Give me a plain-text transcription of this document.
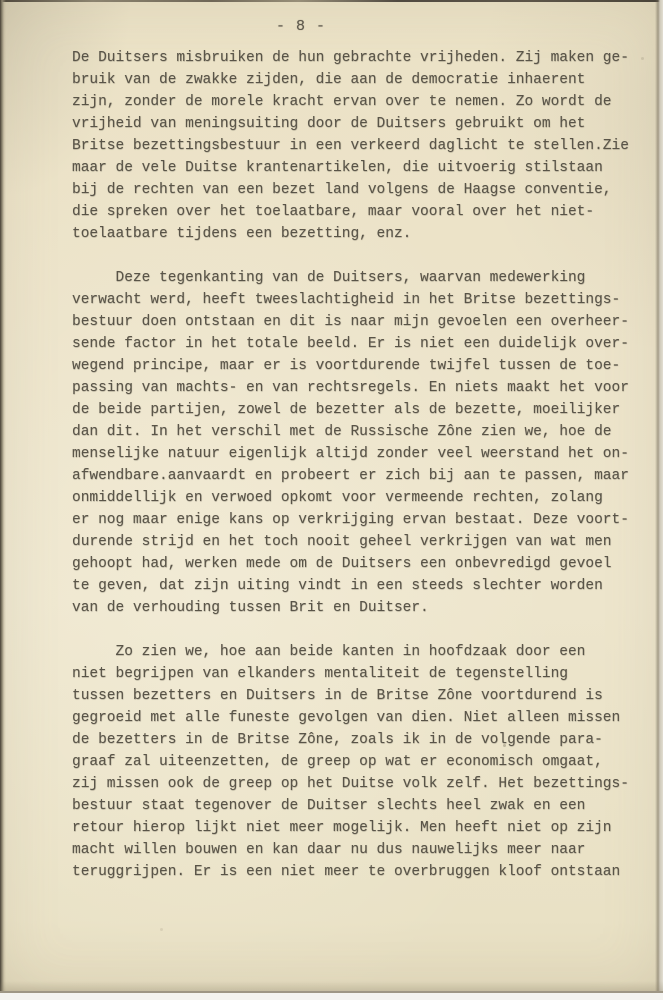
- 8 -
De Duitsers misbruiken de hun gebrachte vrijheden. Zij maken ge-
bruik van de zwakke zijden, die aan de democratie inhaerent
zijn, zonder de morele kracht ervan over te nemen. Zo wordt de
vrijheid van meningsuiting door de Duitsers gebruikt om het
Britse bezettingsbestuur in een verkeerd daglicht te stellen.Zie
maar de vele Duitse krantenartikelen, die uitvoerig stilstaan
bij de rechten van een bezet land volgens de Haagse conventie,
die spreken over het toelaatbare, maar vooral over het niet-
toelaatbare tijdens een bezetting, enz.
Deze tegenkanting van de Duitsers, waarvan medewerking
verwacht werd, heeft tweeslachtigheid in het Britse bezettings-
bestuur doen ontstaan en dit is naar mijn gevoelen een overheer-
sende factor in het totale beeld. Er is niet een duidelijk over-
wegend principe, maar er is voortdurende twijfel tussen de toe-
passing van machts- en van rechtsregels. En niets maakt het voor
de beide partijen, zowel de bezetter als de bezette, moeilijker
dan dit. In het verschil met de Russische Zône zien we, hoe de
menselijke natuur eigenlijk altijd zonder veel weerstand het on-
afwendbare.aanvaardt en probeert er zich bij aan te passen, maar
onmiddellijk en verwoed opkomt voor vermeende rechten, zolang
er nog maar enige kans op verkrijging ervan bestaat. Deze voort-
durende strijd en het toch nooit geheel verkrijgen van wat men
gehoopt had, werken mede om de Duitsers een onbevredigd gevoel
te geven, dat zijn uiting vindt in een steeds slechter worden
van de verhouding tussen Brit en Duitser.
Zo zien we, hoe aan beide kanten in hoofdzaak door een
niet begrijpen van elkanders mentaliteit de tegenstelling
tussen bezetters en Duitsers in de Britse Zône voortdurend is
gegroeid met alle funeste gevolgen van dien. Niet alleen missen
de bezetters in de Britse Zône, zoals ik in de volgende para-
graaf zal uiteenzetten, de greep op wat er economisch omgaat,
zij missen ook de greep op het Duitse volk zelf. Het bezettings-
bestuur staat tegenover de Duitser slechts heel zwak en een
retour hierop lijkt niet meer mogelijk. Men heeft niet op zijn
macht willen bouwen en kan daar nu dus nauwelijks meer naar
teruggrijpen. Er is een niet meer te overbruggen kloof ontstaan
